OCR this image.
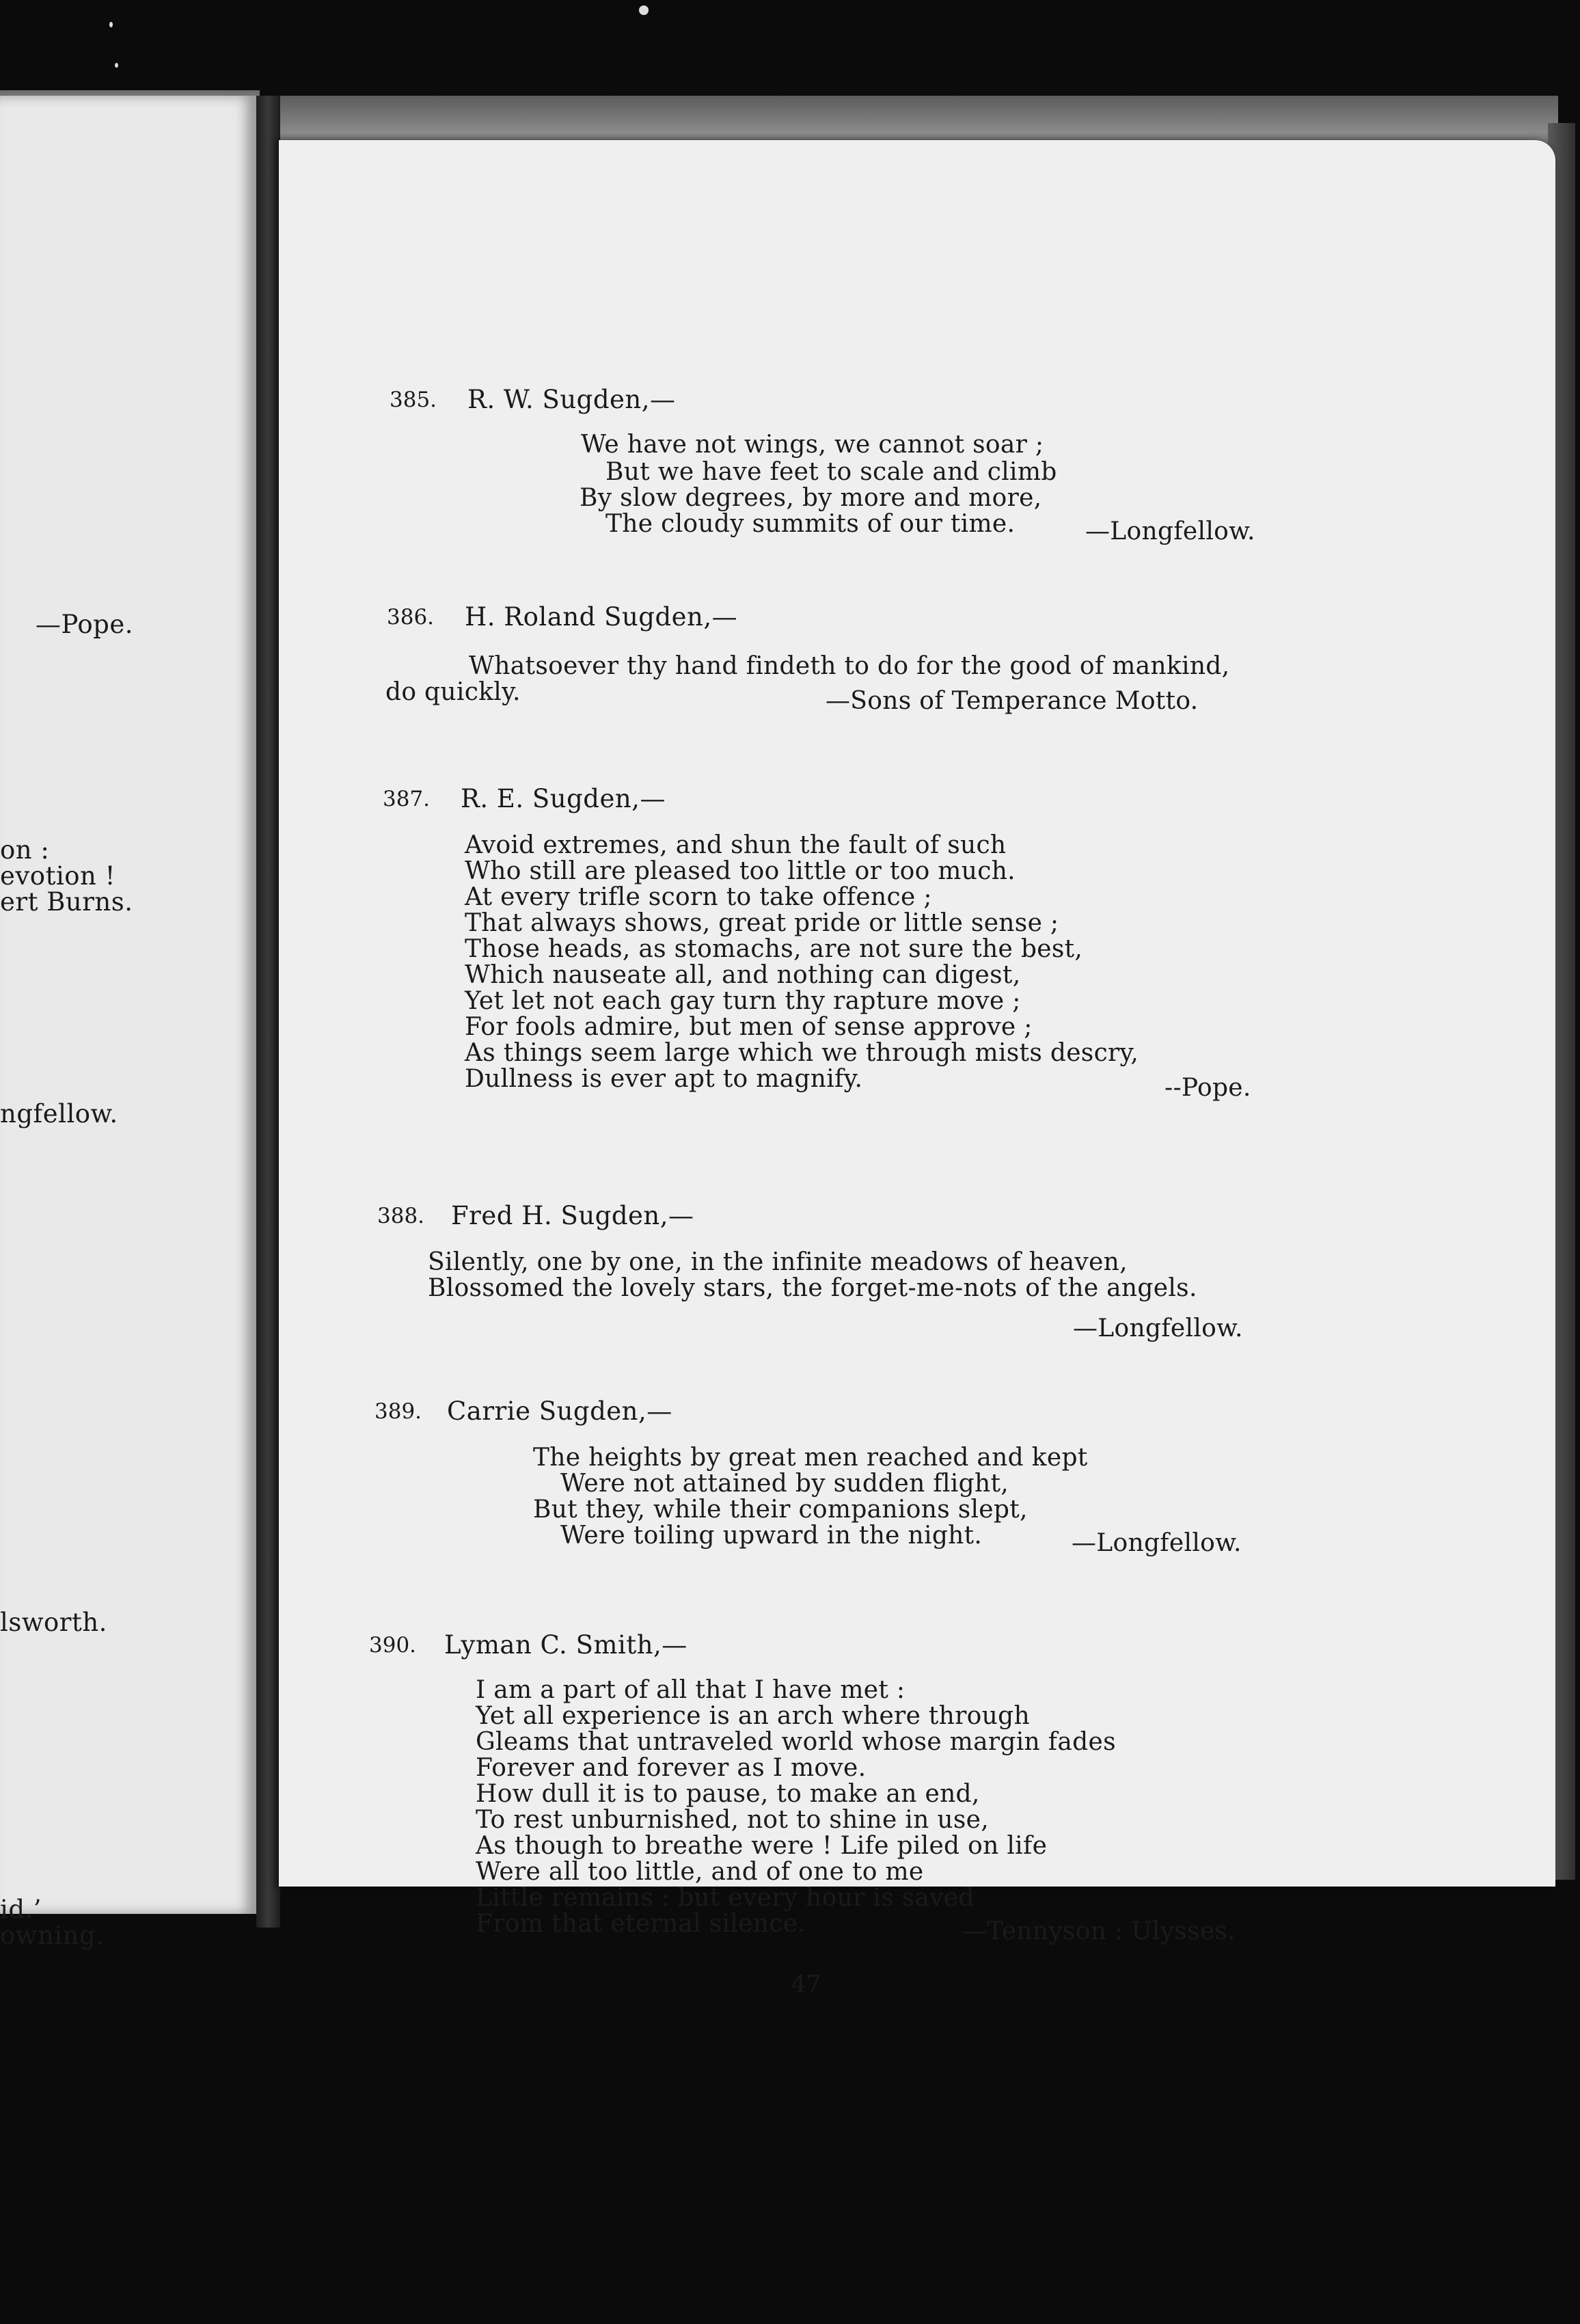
—Pope.
on :
evotion !
ert Burns.
ngfellow.
lsworth.
id.’
owning.
385. R. W. Sugden,—
We have not wings, we cannot soar ;
But we have feet to scale and climb
By slow degrees, by more and more,
The cloudy summits of our time.	—Longfellow.
386. H. Roland Sugden,—
Whatsoever thy hand findeth to do for the good of mankind,
do quickly.	—Sons of Temperance Motto.
387. R. E. Sugden,—
Avoid extremes, and shun the fault of such
Who still are pleased too little or too much.
At every trifle scorn to take offence ;
That always shows, great pride or little sense ;
Those heads, as stomachs, are not sure the best,
Which nauseate all, and nothing can digest,
Yet let not each gay turn thy rapture move ;
For fools admire, but men of sense approve ;
As things seem large which we through mists descry,
Dullness is ever apt to magnify.	--Pope.
388. Fred H. Sugden,—
Silently, one by one, in the infinite meadows of heaven,
Blossomed the lovely stars, the forget-me-nots of the angels.
—Longfellow.
389. Carrie Sugden,—
The heights by great men reached and kept
Were not attained by sudden flight,
But they, while their companions slept,
Were toiling upward in the night.	—Longfellow.
390. Lyman C. Smith,—
I am a part of all that I have met :
Yet all experience is an arch where through
Gleams that untraveled world whose margin fades
Forever and forever as I move.
How dull it is to pause, to make an end,
To rest unburnished, not to shine in use,
As though to breathe were ! Life piled on life
Were all too little, and of one to me
Little remains : but every hour is saved
From that eternal silence.	—Tennyson : Ulysses.
47
